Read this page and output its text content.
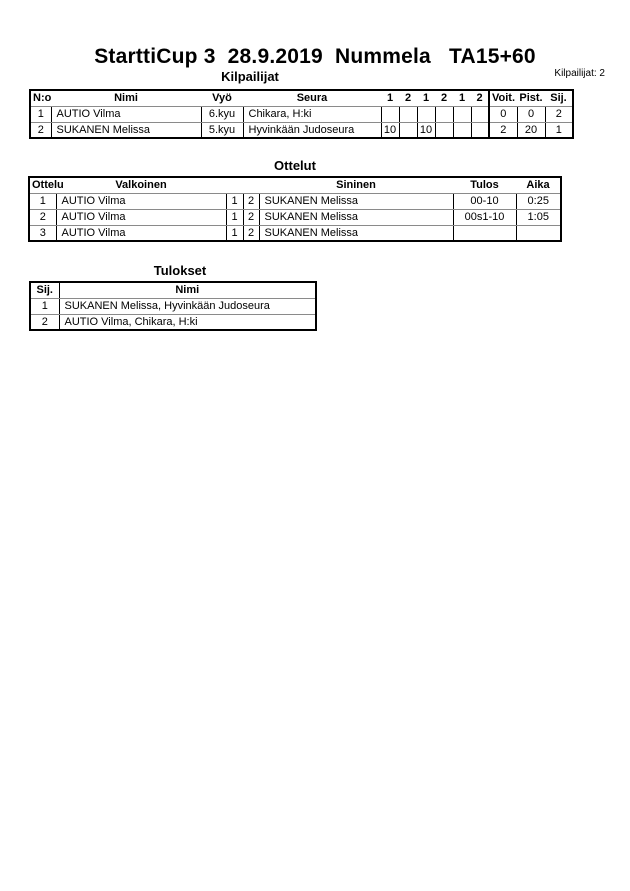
StarttiCup 3  28.9.2019  Nummela   TA15+60
Kilpailijat	Kilpailijat: 2
N:o	Nimi	Vyö	Seura	1	2	1	2	1	2	Voit.	Pist.	Sij.
1	AUTIO Vilma	6.kyu	Chikara, H:ki							0	0	2
2	SUKANEN Melissa	5.kyu	Hyvinkään Judoseura	10		10				2	20	1
Ottelut
Ottelu	Valkoinen			Sininen	Tulos	Aika
1	AUTIO Vilma	1	2	SUKANEN Melissa	00-10	0:25
2	AUTIO Vilma	1	2	SUKANEN Melissa	00s1-10	1:05
3	AUTIO Vilma	1	2	SUKANEN Melissa		
Tulokset
Sij.	Nimi
1	SUKANEN Melissa, Hyvinkään Judoseura
2	AUTIO Vilma, Chikara, H:ki
